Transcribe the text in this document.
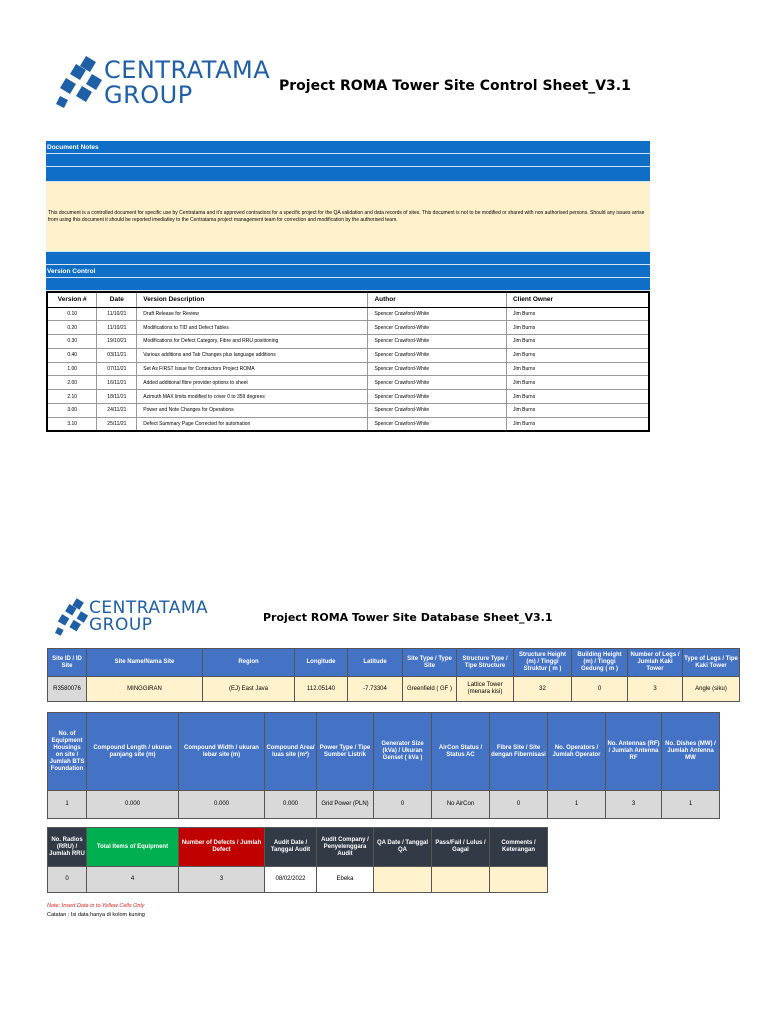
CENTRATAMA
GROUP	Project ROMA Tower Site Control Sheet_V3.1
Document Notes
This document is a controlled document for specific use by Centratama and it's approved contractors for a specific project for the QA validation and data records of sites. This document is not to be modified or shared with non authorised persons. Should any issues arrise from using this document it should be reported imediatley to the Centratama project management team for correction and modification by the authorised team.
Version Control
Version #	Date	Version Description	Author	Client Owner
0.10	11/10/21	Draft Release for Review	Spencer Crawford-White	Jim Burns
0.20	11/10/21	Modifications to TID and Defect Tables	Spencer Crawford-White	Jim Burns
0.30	19/10/21	Modifications for Defect Category, Fibre and RRU positioning	Spencer Crawford-White	Jim Burns
0.40	03/11/21	Various additions and Tab Changes plus language additions	Spencer Crawford-White	Jim Burns
1.00	07/11/21	Set As FIRST Issue for Contractors Project ROMA	Spencer Crawford-White	Jim Burns
2.00	16/11/21	Added additional fibre provider options to sheet	Spencer Crawford-White	Jim Burns
2.10	18/11/21	Azimuth MAX limits modified to cover 0 to 359 degrees	Spencer Crawford-White	Jim Burns
3.00	24/11/21	Power and Note Changes for Operations	Spencer Crawford-White	Jim Burns
3.10	25/11/21	Defect Summary Page Corrected for automation	Spencer Crawford-White	Jim Burns
CENTRATAMA
GROUP	Project ROMA Tower Site Database Sheet_V3.1
Site ID / ID Site	Site Name/Nama Site	Region	Longitude	Latitude	Site Type / Type Site	Structure Type / Tipe Structure	Structure Height (m) / Tinggi Struktur ( m )	Building Height (m) / Tinggi Gedung ( m )	Number of Legs / Jumlah Kaki Tower	Type of Legs / Tipe Kaki Tower
R3580076	MINGGIRAN	(EJ) East Java	112.05140	-7.73304	Greenfield ( GF )	Lattice Tower (menara kisi)	32	0	3	Angle (siku)
No. of Equipment Housings on site / Jumlah BTS Foundation	Compound Length / ukuran panjang site (m)	Compound Width / ukuran lebar site (m)	Compound Area/ luas site (m²)	Power Type / Tipe Sumber Listrik	Generator Size (kVa) / Ukuran Genset ( kVa )	AirCon Status / Status AC	Fibre Site / Site dengan Fibernisasi	No. Operators / Jumlah Operator	No. Antennas (RF) / Jumlah Antenna RF	No. Dishes (MW) / Jumlah Antenna MW
1	0.000	0.000	0.000	Grid Power (PLN)	0	No AirCon	0	1	3	1
No. Radios (RRU) / Jumlah RRU	Total Items of Equipment	Number of Defects / Jumlah Defect	Audit Date / Tanggal Audit	Audit Company / Penyelenggara Audit	QA Date / Tanggal QA	Pass/Fail / Lulus / Gagal	Comments / Keterangan
0	4	3	08/02/2022	Ebeka			
Note: Insert Data in to Yellow Cells Only
Catatan : Isi data hanya di kolom kuning
